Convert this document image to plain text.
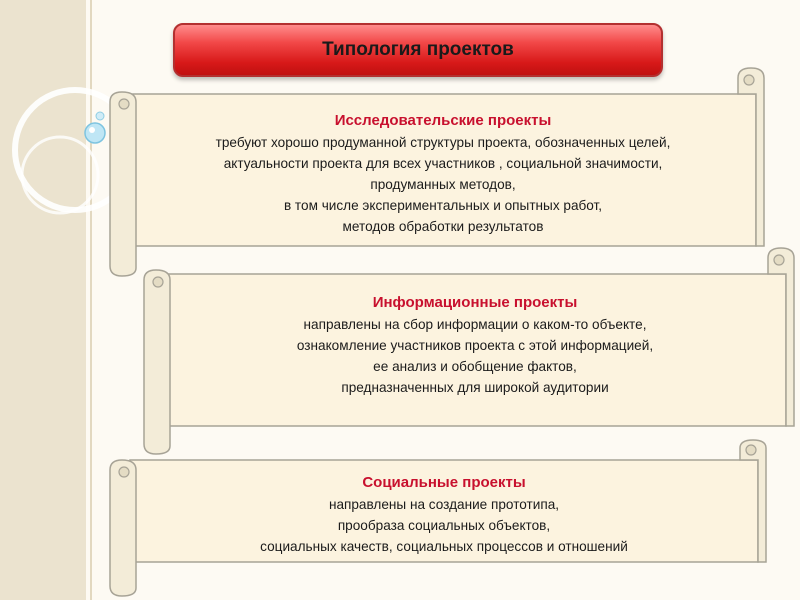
Типология проектов
Исследовательские проекты
требуют хорошо продуманной структуры проекта, обозначенных целей,
актуальности проекта для всех участников , социальной значимости,
продуманных методов,
в том числе экспериментальных и опытных работ,
методов обработки результатов
Информационные проекты
направлены на сбор информации о каком-то объекте,
ознакомление участников проекта с этой информацией,
ее анализ и обобщение фактов,
предназначенных для широкой аудитории
Социальные проекты
направлены на создание прототипа,
прообраза социальных объектов,
социальных качеств, социальных процессов и отношений
